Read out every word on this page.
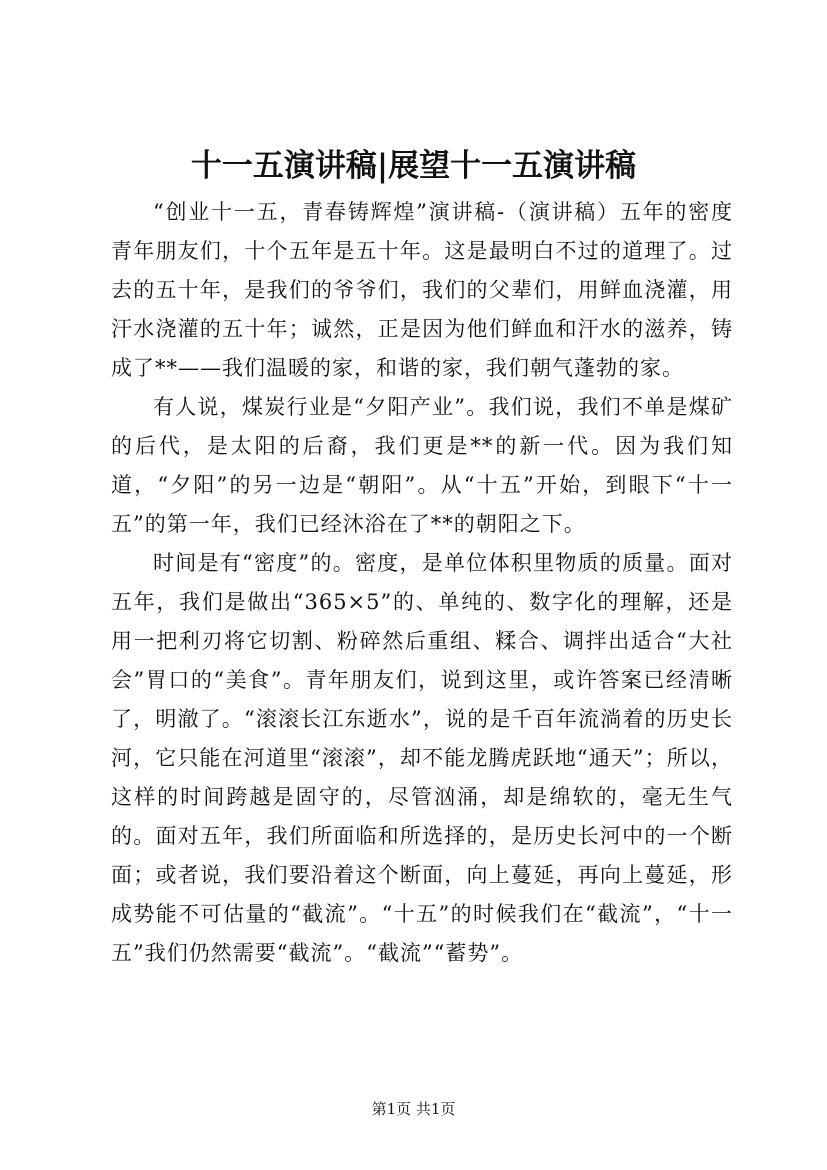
十一五演讲稿|展望十一五演讲稿

“创业十一五，青春铸辉煌”演讲稿-（演讲稿）五年的密度青年朋友们，十个五年是五十年。这是最明白不过的道理了。过去的五十年，是我们的爷爷们，我们的父辈们，用鲜血浇灌，用汗水浇灌的五十年；诚然，正是因为他们鲜血和汗水的滋养，铸成了**——我们温暖的家，和谐的家，我们朝气蓬勃的家。

有人说，煤炭行业是“夕阳产业”。我们说，我们不单是煤矿的后代，是太阳的后裔，我们更是**的新一代。因为我们知道，“夕阳”的另一边是“朝阳”。从“十五”开始，到眼下“十一五”的第一年，我们已经沐浴在了**的朝阳之下。

时间是有“密度”的。密度，是单位体积里物质的质量。面对五年，我们是做出“365×5”的、单纯的、数字化的理解，还是用一把利刃将它切割、粉碎然后重组、糅合、调拌出适合“大社会”胃口的“美食”。青年朋友们，说到这里，或许答案已经清晰了，明澈了。“滚滚长江东逝水”，说的是千百年流淌着的历史长河，它只能在河道里“滚滚”，却不能龙腾虎跃地“通天”；所以，这样的时间跨越是固守的，尽管汹涌，却是绵软的，毫无生气的。面对五年，我们所面临和所选择的，是历史长河中的一个断面；或者说，我们要沿着这个断面，向上蔓延，再向上蔓延，形成势能不可估量的“截流”。“十五”的时候我们在“截流”，“十一五”我们仍然需要“截流”。“截流”“蓄势”。

第1页 共1页
